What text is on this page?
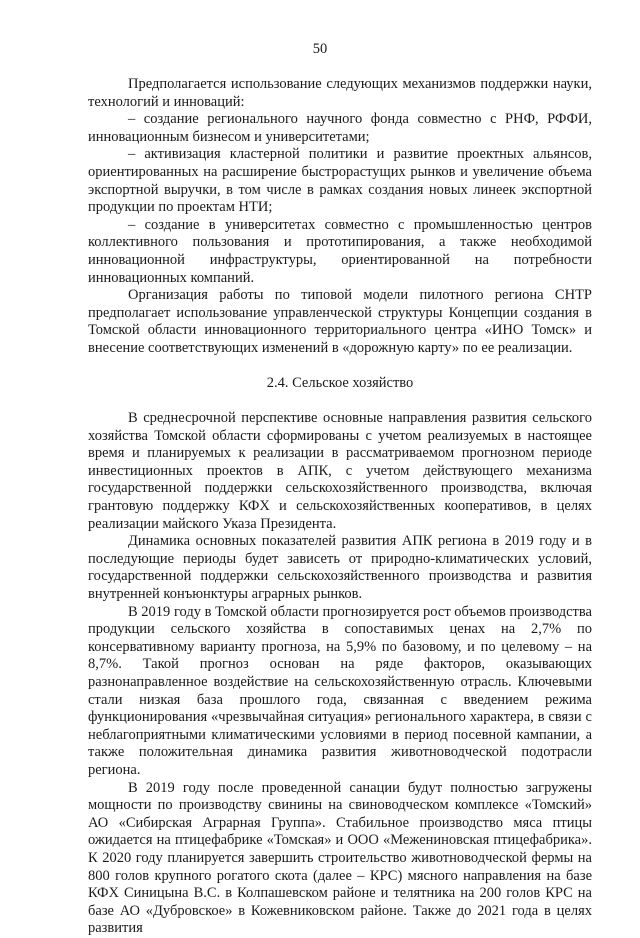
50

Предполагается использование следующих механизмов поддержки науки, технологий и инноваций:

– создание регионального научного фонда совместно с РНФ, РФФИ, инновационным бизнесом и университетами;

– активизация кластерной политики и развитие проектных альянсов, ориентированных на расширение быстрорастущих рынков и увеличение объема экспортной выручки, в том числе в рамках создания новых линеек экспортной продукции по проектам НТИ;

– создание в университетах совместно с промышленностью центров коллективного пользования и прототипирования, а также необходимой инновационной инфраструктуры, ориентированной на потребности инновационных компаний.

Организация работы по типовой модели пилотного региона СНТР предполагает использование управленческой структуры Концепции создания в Томской области инновационного территориального центра «ИНО Томск» и внесение соответствующих изменений в «дорожную карту» по ее реализации.

2.4. Сельское хозяйство

В среднесрочной перспективе основные направления развития сельского хозяйства Томской области сформированы с учетом реализуемых в настоящее время и планируемых к реализации в рассматриваемом прогнозном периоде инвестиционных проектов в АПК, с учетом действующего механизма государственной поддержки сельскохозяйственного производства, включая грантовую поддержку КФХ и сельскохозяйственных кооперативов, в целях реализации майского Указа Президента.

Динамика основных показателей развития АПК региона в 2019 году и в последующие периоды будет зависеть от природно-климатических условий, государственной поддержки сельскохозяйственного производства и развития внутренней конъюнктуры аграрных рынков.

В 2019 году в Томской области прогнозируется рост объемов производства продукции сельского хозяйства в сопоставимых ценах на 2,7% по консервативному варианту прогноза, на 5,9% по базовому, и по целевому – на 8,7%. Такой прогноз основан на ряде факторов, оказывающих разнонаправленное воздействие на сельскохозяйственную отрасль. Ключевыми стали низкая база прошлого года, связанная с введением режима функционирования «чрезвычайная ситуация» регионального характера, в связи с неблагоприятными климатическими условиями в период посевной кампании, а также положительная динамика развития животноводческой подотрасли региона.

В 2019 году после проведенной санации будут полностью загружены мощности по производству свинины на свиноводческом комплексе «Томский» АО «Сибирская Аграрная Группа». Стабильное производство мяса птицы ожидается на птицефабрике «Томская» и ООО «Межениновская птицефабрика». К 2020 году планируется завершить строительство животноводческой фермы на 800 голов крупного рогатого скота (далее – КРС) мясного направления на базе КФХ Синицына В.С. в Колпашевском районе и телятника на 200 голов КРС на базе АО «Дубровское» в Кожевниковском районе. Также до 2021 года в целях развития
